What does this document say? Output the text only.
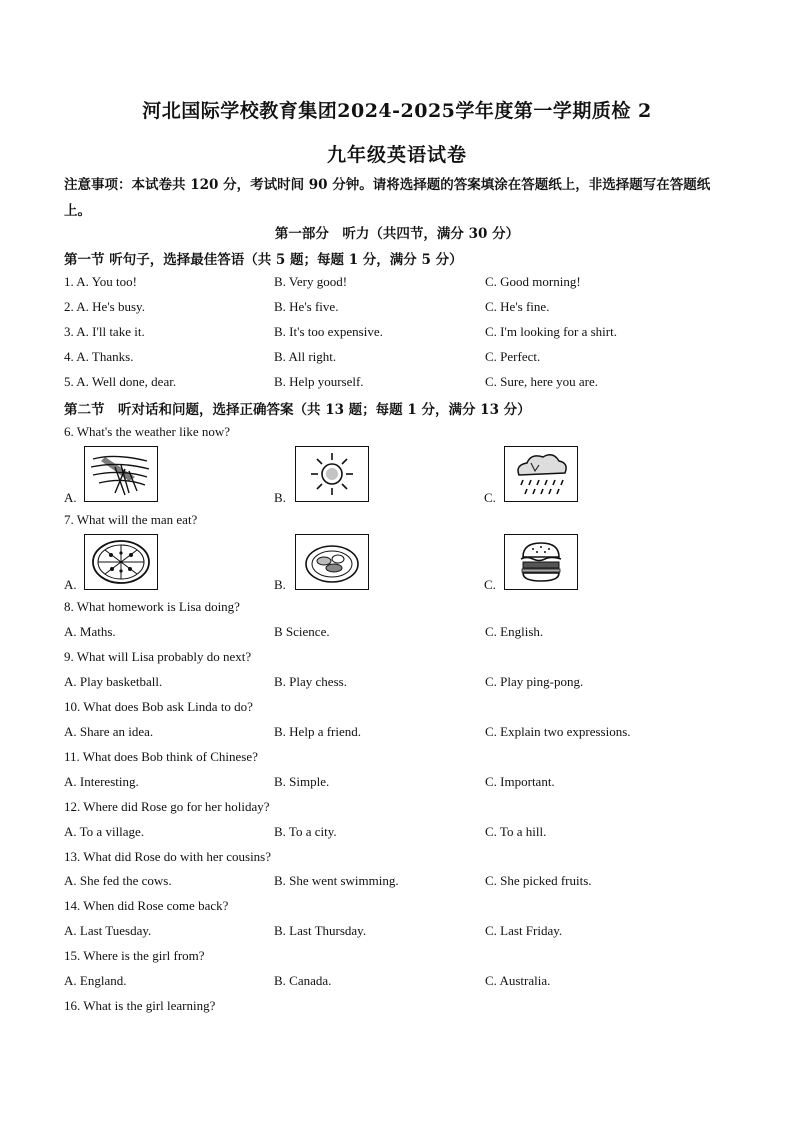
河北国际学校教育集团2024-2025学年度第一学期质检 2
九年级英语试卷
注意事项：本试卷共 120 分，考试时间 90 分钟。请将选择题的答案填涂在答题纸上，非选择题写在答题纸上。
第一部分　听力（共四节，满分 30 分）
第一节 听句子，选择最佳答语（共 5 题；每题 1 分，满分 5 分）
1. A. You too!	B. Very good!	C. Good morning!
2. A. He's busy.	B. He's five.	C. He's fine.
3. A. I'll take it.	B. It's too expensive.	C. I'm looking for a shirt.
4. A. Thanks.	B. All right.	C. Perfect.
5. A. Well done, dear.	B. Help yourself.	C. Sure, here you are.
第二节　听对话和问题，选择正确答案（共 13 题；每题 1 分，满分 13 分）
6. What's the weather like now?
A.	B.	C.
7. What will the man eat?
A.	B.	C.
8. What homework is Lisa doing?
A. Maths.	B Science.	C. English.
9. What will Lisa probably do next?
A. Play basketball.	B. Play chess.	C. Play ping-pong.
10. What does Bob ask Linda to do?
A. Share an idea.	B. Help a friend.	C. Explain two expressions.
11. What does Bob think of Chinese?
A. Interesting.	B. Simple.	C. Important.
12. Where did Rose go for her holiday?
A. To a village.	B. To a city.	C. To a hill.
13. What did Rose do with her cousins?
A. She fed the cows.	B. She went swimming.	C. She picked fruits.
14. When did Rose come back?
A. Last Tuesday.	B. Last Thursday.	C. Last Friday.
15. Where is the girl from?
A. England.	B. Canada.	C. Australia.
16. What is the girl learning?
